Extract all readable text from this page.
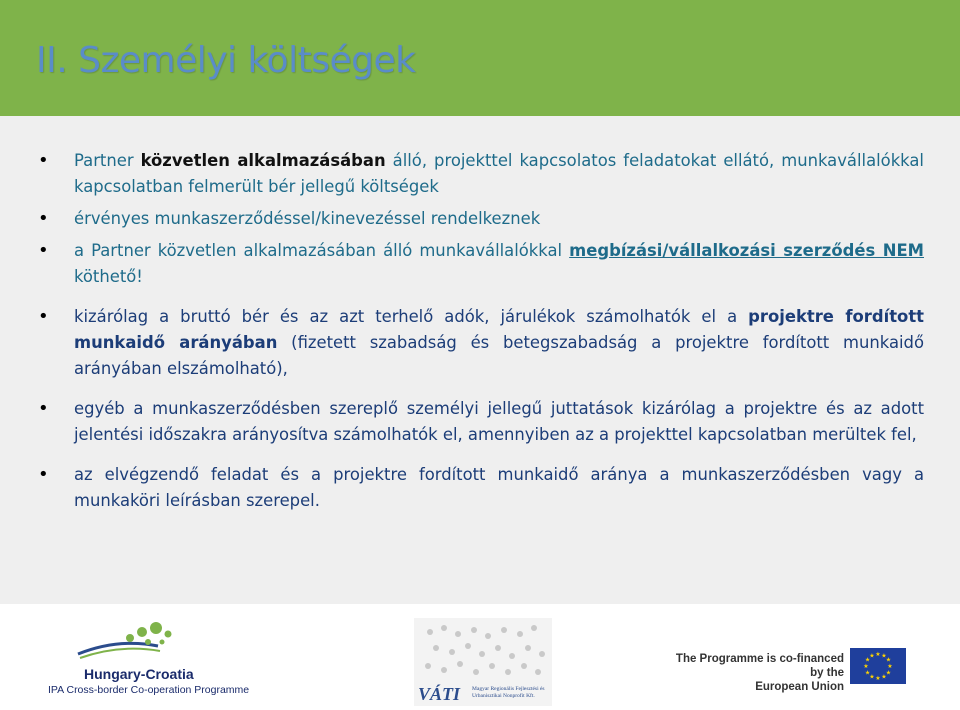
II. Személyi költségek
• Partner közvetlen alkalmazásában álló, projekttel kapcsolatos feladatokat ellátó, munkavállalókkal kapcsolatban felmerült bér jellegű költségek
• érvényes munkaszerződéssel/kinevezéssel rendelkeznek
• a Partner közvetlen alkalmazásában álló munkavállalókkal megbízási/vállalkozási szerződés NEM köthető!
• kizárólag a bruttó bér és az azt terhelő adók, járulékok számolhatók el a projektre fordított munkaidő arányában (fizetett szabadság és betegszabadság a projektre fordított munkaidő arányában elszámolható),
• egyéb a munkaszerződésben szereplő személyi jellegű juttatások kizárólag a projektre és az adott jelentési időszakra arányosítva számolhatók el, amennyiben az a projekttel kapcsolatban merültek fel,
• az elvégzendő feladat és a projektre fordított munkaidő aránya a munkaszerződésben vagy a munkaköri leírásban szerepel.
Hungary-Croatia
IPA Cross-border Co-operation Programme	VÁTI Magyar Regionális Fejlesztési és Urbanisztikai Nonprofit Kft.
The Programme is co-financed by the
European Union
★ ★
★
★
★
★
★
★
★
★
★
★
